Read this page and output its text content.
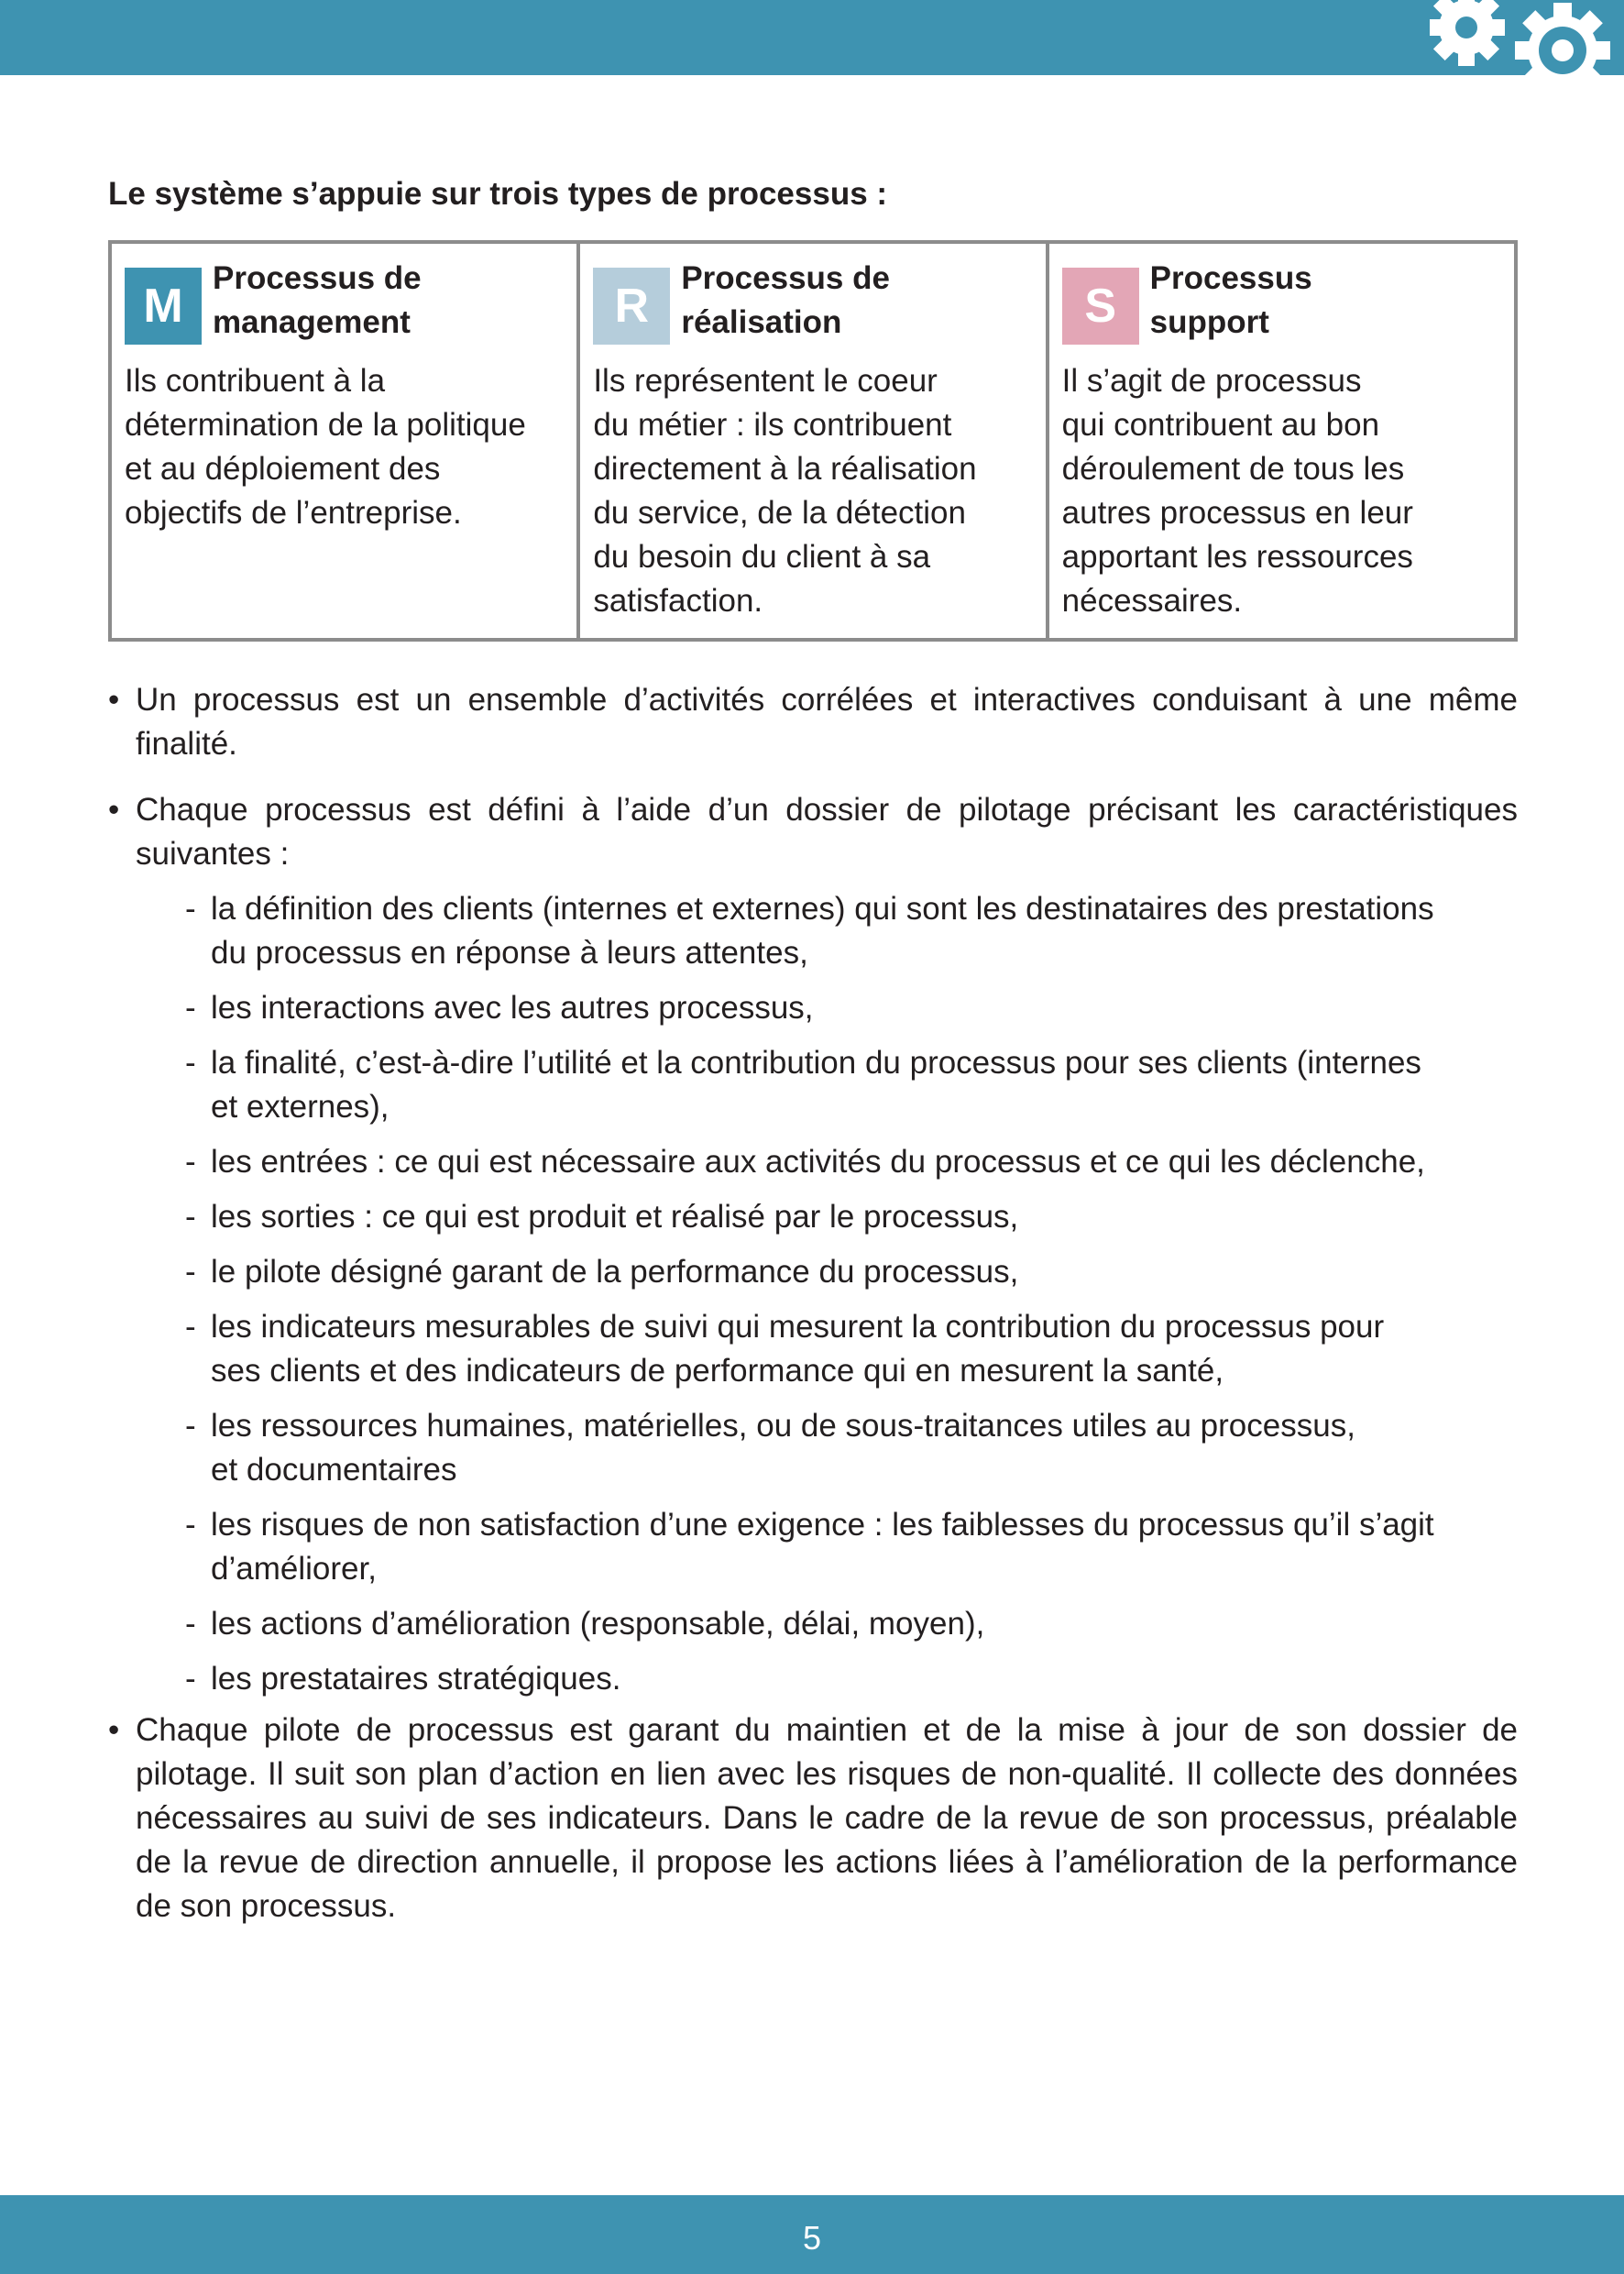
Le système s’appuie sur trois types de processus :

M
Processus de
management
Ils contribuent à la
détermination de la politique
et au déploiement des
objectifs de l’entreprise.
R
Processus de
réalisation
Ils représentent le coeur
du métier : ils contribuent
directement à la réalisation
du service, de la détection
du besoin du client à sa
satisfaction.
S
Processus
support
Il s’agit de processus
qui contribuent au bon
déroulement de tous les
autres processus en leur
apportant les ressources
nécessaires.
• Un processus est un ensemble d’activités corrélées et interactives conduisant à une même finalité.
• Chaque processus est défini à l’aide d’un dossier de pilotage précisant les caractéristiques suivantes :
- la définition des clients (internes et externes) qui sont les destinataires des prestations
du processus en réponse à leurs attentes,
- les interactions avec les autres processus,
- la finalité, c’est-à-dire l’utilité et la contribution du processus pour ses clients (internes
et externes),
- les entrées : ce qui est nécessaire aux activités du processus et ce qui les déclenche,
- les sorties : ce qui est produit et réalisé par le processus,
- le pilote désigné garant de la performance du processus,
- les indicateurs mesurables de suivi qui mesurent la contribution du processus pour
ses clients et des indicateurs de performance qui en mesurent la santé,
- les ressources humaines, matérielles, ou de sous-traitances utiles au processus,
et documentaires
- les risques de non satisfaction d’une exigence : les faiblesses du processus qu’il s’agit
d’améliorer,
- les actions d’amélioration (responsable, délai, moyen),
- les prestataires stratégiques.
• Chaque pilote de processus est garant du maintien et de la mise à jour de son dossier de pilotage. Il suit son plan d’action en lien avec les risques de non-qualité. Il collecte des données nécessaires au suivi de ses indicateurs. Dans le cadre de la revue de son processus, préalable de la revue de direction annuelle, il propose les actions liées à l’amélioration de la performance de son processus.
5
